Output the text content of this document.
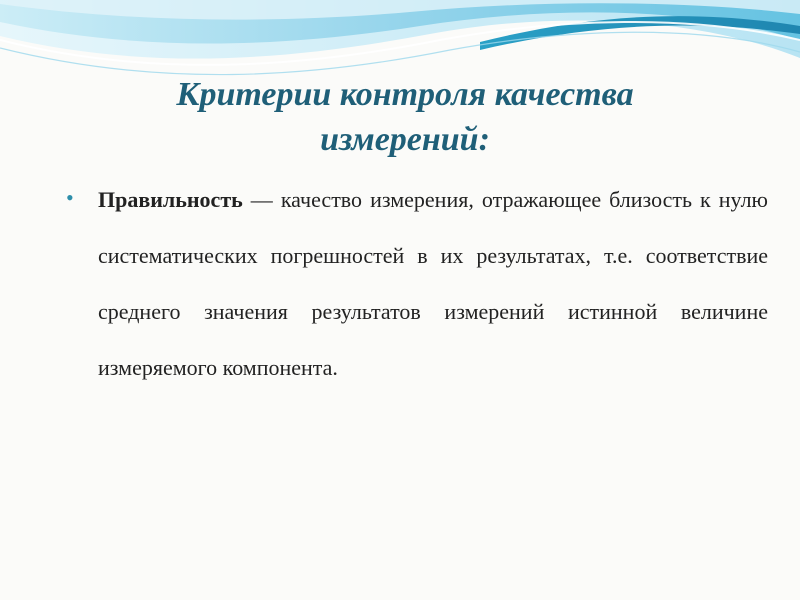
Критерии контроля качества измерений:
• Правильность — качество измерения, отражающее близость к нулю систематических погрешностей в их результатах, т.е. соответствие среднего значения результатов измерений истинной величине измеряемого компонента.
